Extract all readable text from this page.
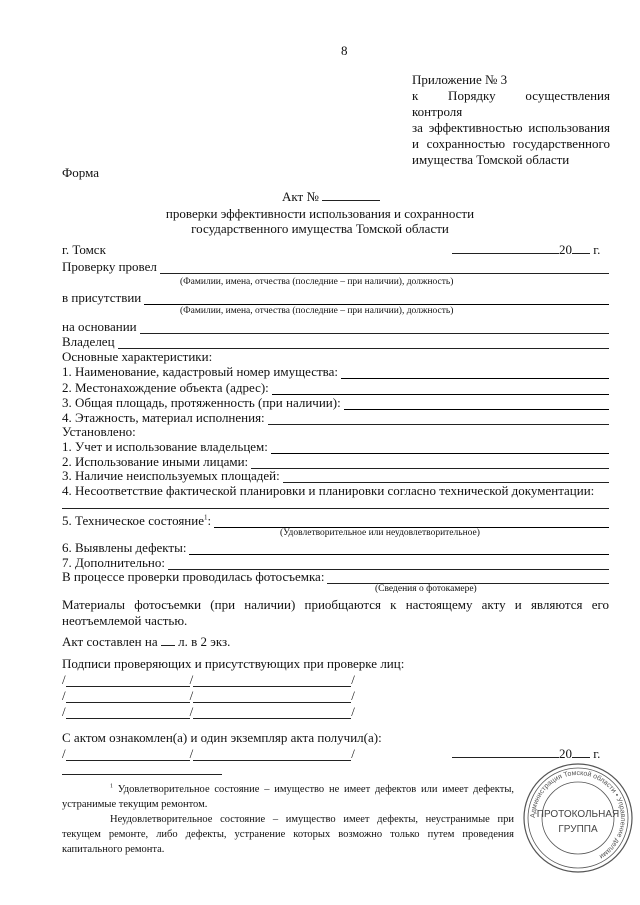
8
Приложение № 3
к Порядку осуществления контроля
за эффективностью использования
и сохранностью государственного
имущества Томской области
Форма
Акт №
проверки эффективности использования и сохранности
государственного имущества Томской области
г. Томск	20 г.
Проверку провел
(Фамилии, имена, отчества (последние – при наличии), должность)
в присутствии
(Фамилии, имена, отчества (последние – при наличии), должность)
на основании
Владелец
Основные характеристики:
1. Наименование, кадастровый номер имущества:
2. Местонахождение объекта (адрес):
3. Общая площадь, протяженность (при наличии):
4. Этажность, материал исполнения:
Установлено:
1. Учет и использование владельцем:
2. Использование иными лицами:
3. Наличие неиспользуемых площадей:
4. Несоответствие фактической планировки и планировки согласно технической документации:
5. Техническое состояние$^1$:
(Удовлетворительное или неудовлетворительное)
6. Выявлены дефекты:
7. Дополнительно:
В процессе проверки проводилась фотосъемка:
(Сведения о фотокамере)
Материалы фотосъемки (при наличии) приобщаются к настоящему акту и являются его неотъемлемой частью.
Акт составлен на л. в 2 экз.
Подписи проверяющих и присутствующих при проверке лиц:
/	/	/
/	/	/
/	/	/
С актом ознакомлен(а) и один экземпляр акта получил(а):
/	/	/	20 г.
$^1$ Удовлетворительное состояние – имущество не имеет дефектов или имеет дефекты, устранимые текущим ремонтом.
Неудовлетворительное состояние – имущество имеет дефекты, неустранимые при текущем ремонте, либо дефекты, устранение которых возможно только путем проведения капитального ремонта.
Администрация Томской области • Управление делами
ПРОТОКОЛЬНАЯ
ГРУППА
